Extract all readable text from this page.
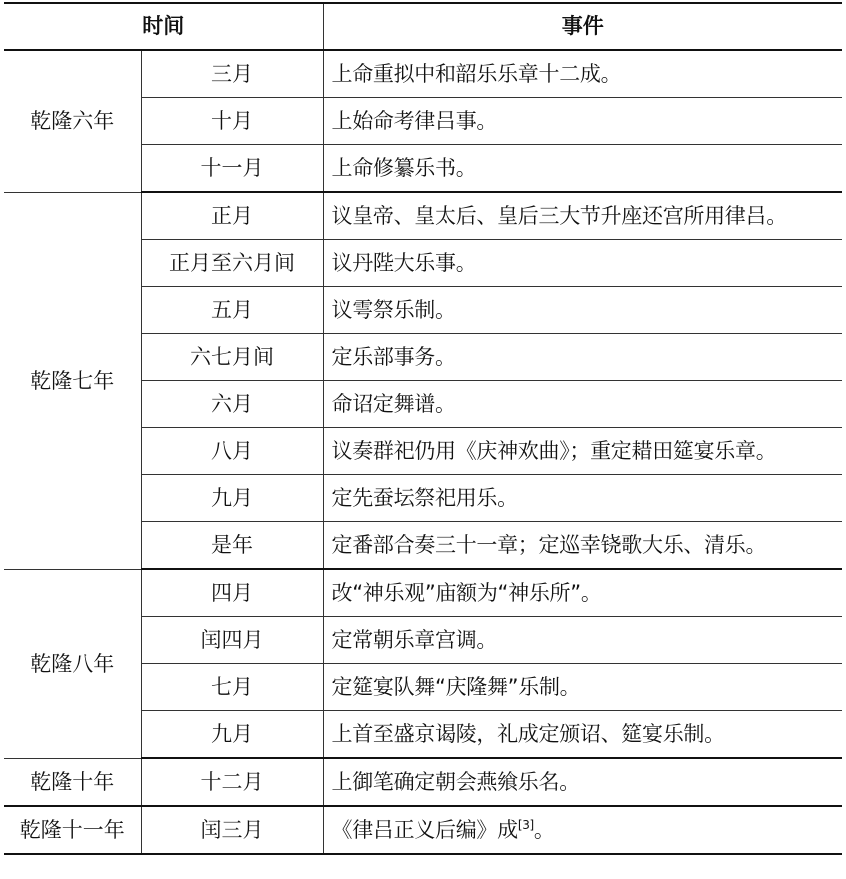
时间		事件
乾隆六年	三月	上命重拟中和韶乐乐章十二成。
	十月	上始命考律吕事。
	十一月	上命修纂乐书。
乾隆七年	正月	议皇帝、皇太后、皇后三大节升座还宫所用律吕。
	正月至六月间	议丹陛大乐事。
	五月	议雩祭乐制。
	六七月间	定乐部事务。
	六月	命诏定舞谱。
	八月	议奏群祀仍用《庆神欢曲》；重定耤田筵宴乐章。
	九月	定先蚕坛祭祀用乐。
	是年	定番部合奏三十一章；定巡幸铙歌大乐、清乐。
乾隆八年	四月	改“神乐观”庙额为“神乐所”。
	闰四月	定常朝乐章宫调。
	七月	定筵宴队舞“庆隆舞”乐制。
	九月	上首至盛京谒陵，礼成定颁诏、筵宴乐制。
乾隆十年	十二月	上御笔确定朝会燕飨乐名。
乾隆十一年	闰三月	《律吕正义后编》成[3]。
